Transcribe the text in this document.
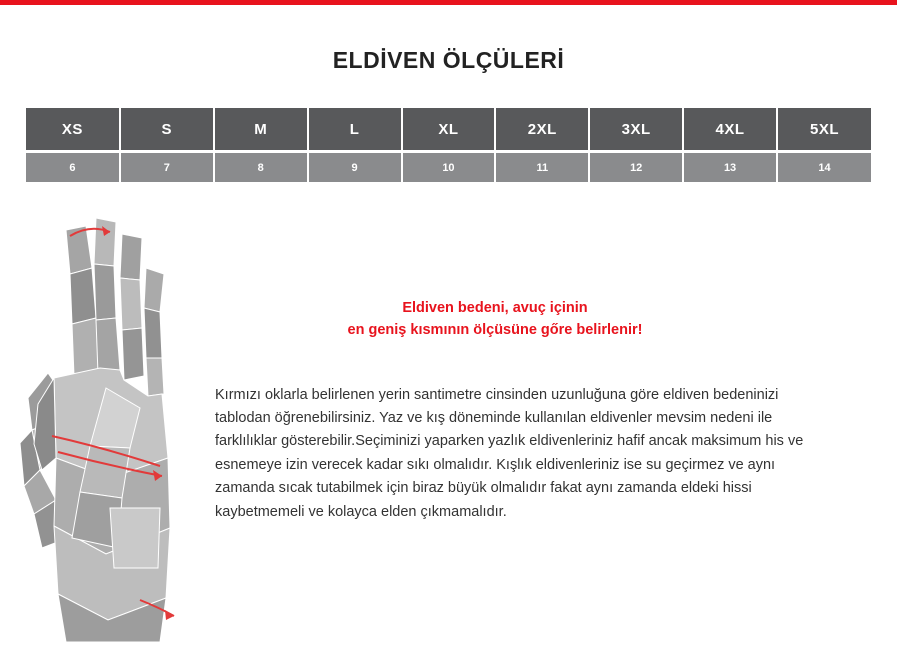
ELDİVEN ÖLÇÜLERİ
XS	S	M	L	XL	2XL	3XL	4XL	5XL
6	7	8	9	10	11	12	13	14
Eldiven bedeni, avuç içinin
en geniş kısmının ölçüsüne gőre belirlenir!
Kırmızı oklarla belirlenen yerin santimetre cinsinden uzunluğuna göre eldiven bedeninizi tablodan öğrenebilirsiniz. Yaz ve kış döneminde kullanılan eldivenler mevsim nedeni ile farklılıklar gösterebilir.Seçiminizi yaparken yazlık eldivenleriniz hafif ancak maksimum his ve esnemeye izin verecek kadar sıkı olmalıdır. Kışlık eldivenleriniz ise su geçirmez ve aynı zamanda sıcak tutabilmek için biraz büyük olmalıdır fakat aynı zamanda eldeki hissi kaybetmemeli ve kolayca elden çıkmamalıdır.
